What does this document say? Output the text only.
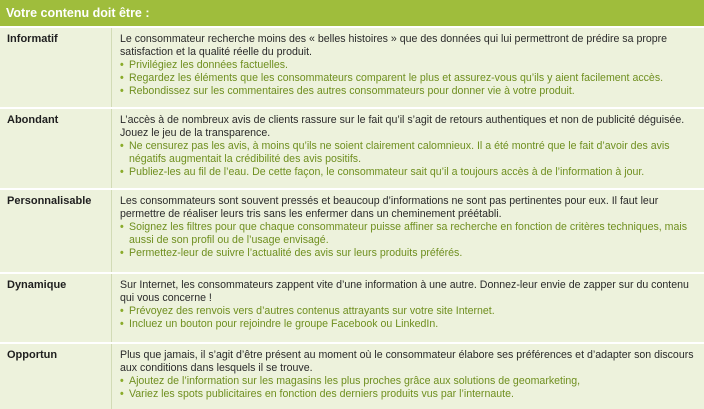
Votre contenu doit être :
Informatif	Le consommateur recherche moins des « belles histoires » que des données qui lui permettront de prédire sa propre satisfaction et la qualité réelle du produit.

• Privilégiez les données factuelles.
• Regardez les éléments que les consommateurs comparent le plus et assurez-vous qu’ils y aient facilement accès.
• Rebondissez sur les commentaires des autres consommateurs pour donner vie à votre produit.
Abondant	L’accès à de nombreux avis de clients rassure sur le fait qu’il s’agit de retours authentiques et non de publicité déguisée. Jouez le jeu de la transparence.

• Ne censurez pas les avis, à moins qu’ils ne soient clairement calomnieux. Il a été montré que le fait d’avoir des avis négatifs augmentait la crédibilité des avis positifs.
• Publiez-les au fil de l’eau. De cette façon, le consommateur sait qu’il a toujours accès à de l’information à jour.
Personnalisable	Les consommateurs sont souvent pressés et beaucoup d’informations ne sont pas pertinentes pour eux. Il faut leur permettre de réaliser leurs tris sans les enfermer dans un cheminement préétabli.

• Soignez les filtres pour que chaque consommateur puisse affiner sa recherche en fonction de critères techniques, mais aussi de son profil ou de l’usage envisagé.
• Permettez-leur de suivre l’actualité des avis sur leurs produits préférés.
Dynamique	Sur Internet, les consommateurs zappent vite d’une information à une autre. Donnez-leur envie de zapper sur du contenu qui vous concerne !

• Prévoyez des renvois vers d’autres contenus attrayants sur votre site Internet.
• Incluez un bouton pour rejoindre le groupe Facebook ou LinkedIn.
Opportun	Plus que jamais, il s’agit d’être présent au moment où le consommateur élabore ses préférences et d’adapter son discours aux conditions dans lesquels il se trouve.

• Ajoutez de l’information sur les magasins les plus proches grâce aux solutions de geomarketing,
• Variez les spots publicitaires en fonction des derniers produits vus par l’internaute.
